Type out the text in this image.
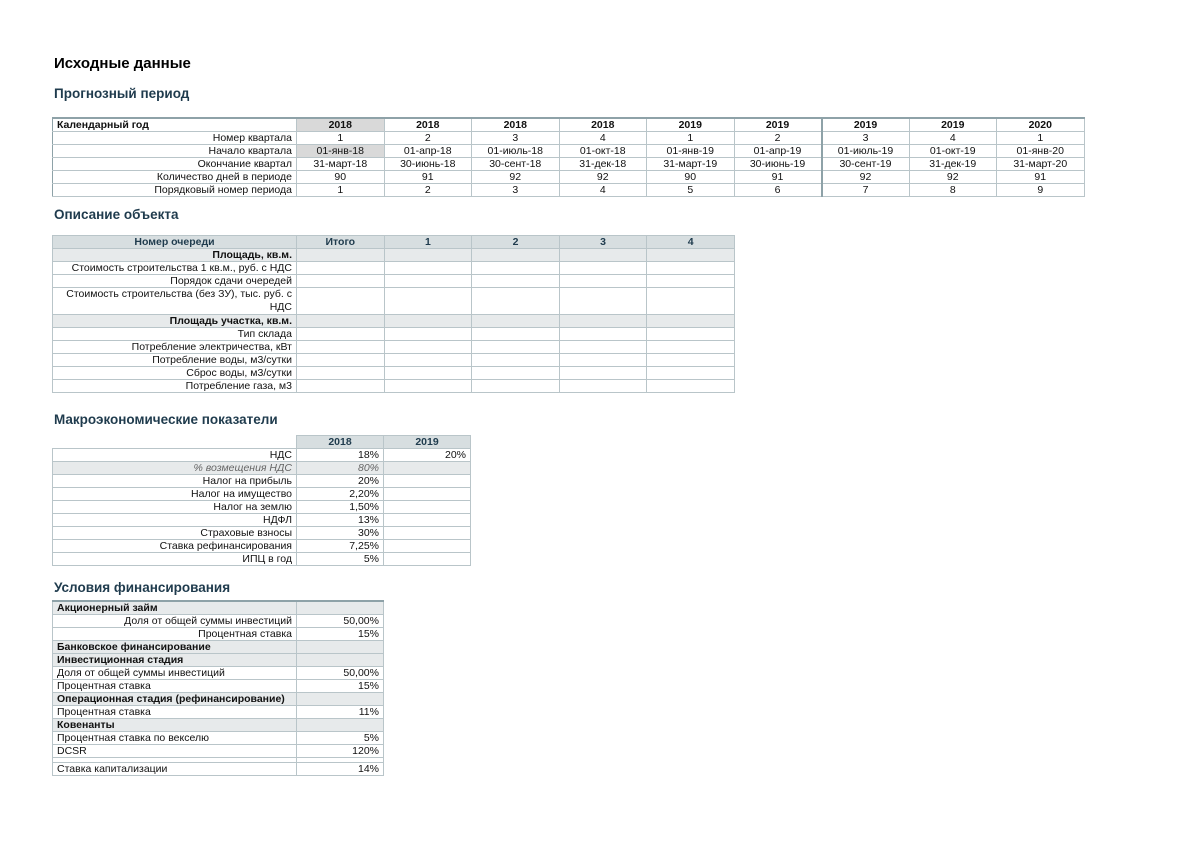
Исходные данные
Прогнозный период
Описание объекта
Макроэкономические показатели
Условия финансирования
Календарный год	2018	2018	2018	2018	2019	2019	2019	2019	2020
Номер квартала	1	2	3	4	1	2	3	4	1
Начало квартала	01-янв-18	01-апр-18	01-июль-18	01-окт-18	01-янв-19	01-апр-19	01-июль-19	01-окт-19	01-янв-20
Окончание квартал	31-март-18	30-июнь-18	30-сент-18	31-дек-18	31-март-19	30-июнь-19	30-сент-19	31-дек-19	31-март-20
Количество дней в периоде	90	91	92	92	90	91	92	92	91
Порядковый номер периода	1	2	3	4	5	6	7	8	9
Номер очереди	Итого	1	2	3	4
Площадь, кв.м.					
Стоимость строительства 1 кв.м., руб. с НДС					
Порядок сдачи очередей					
Стоимость строительства (без ЗУ), тыс. руб. с НДС					
Площадь участка, кв.м.					
Тип склада					
Потребление электричества, кВт					
Потребление воды, м3/сутки					
Сброс воды, м3/сутки					
Потребление газа, м3					
	2018	2019
НДС	18%	20%
% возмещения НДС	80%	
Налог на прибыль	20%	
Налог на имущество	2,20%	
Налог на землю	1,50%	
НДФЛ	13%	
Страховые взносы	30%	
Ставка рефинансирования	7,25%	
ИПЦ в год	5%	
Акционерный займ	
Доля от общей суммы инвестиций	50,00%
Процентная ставка	15%
Банковское финансирование	
Инвестиционная стадия	
Доля от общей суммы инвестиций	50,00%
Процентная ставка	15%
Операционная стадия (рефинансирование)	
Процентная ставка	11%
Ковенанты	
Процентная ставка по векселю	5%
DCSR	120%

Ставка капитализации	14%
